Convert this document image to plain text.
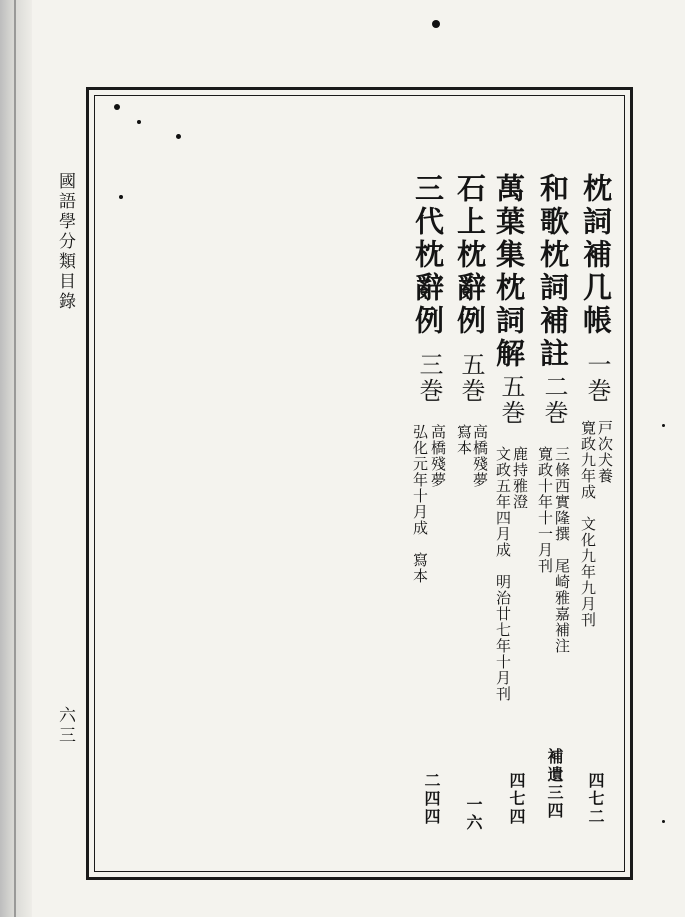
國語學分類目錄
六三
枕詞補几帳
一巻
戸次犬養
寛政九年成　文化九年九月刊
四七二
和歌枕詞補註
二巻
三條西實隆撰　尾崎雅嘉補注
寛政十年十一月刊
補遺三四
萬葉集枕詞解
五巻
鹿持雅澄
文政五年四月成　明治廿七年十月刊
四七四
石上枕辭例
五巻
高橋殘夢
寫本
一六
三代枕辭例
三巻
高橋殘夢
弘化元年十月成　寫本
二四四
